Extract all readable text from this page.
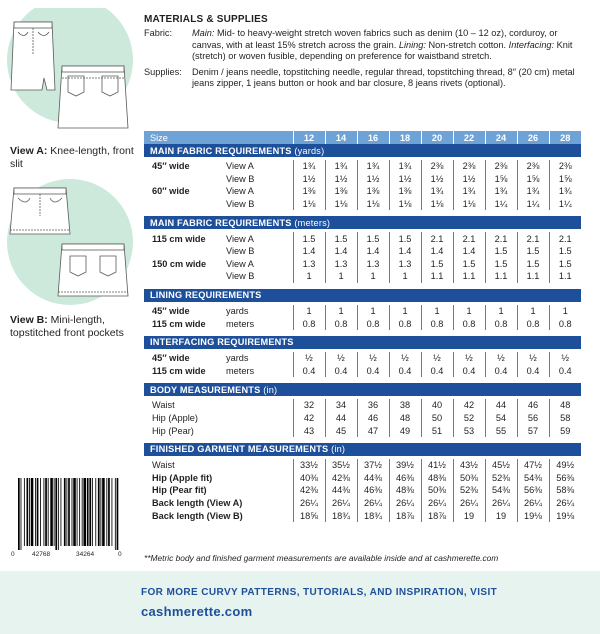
View A: Knee-length, front slit
View B: Mini-length, topstitched front pockets
0	42768	34264	0
MATERIALS & SUPPLIES
Fabric:	Main: Mid- to heavy-weight stretch woven fabrics such as denim (10 – 12 oz), corduroy, or canvas, with at least 15% stretch across the grain. Lining: Non-stretch cotton. Interfacing: Knit (stretch) or woven fusible, depending on preference for waistband stretch.
Supplies:	Denim / jeans needle, topstitching needle, regular thread, topstitching thread, 8″ (20 cm) metal jeans zipper, 1 jeans button or hook and bar closure, 8 jeans rivets (optional).
Size		12	14	16	18	20	22	24	26	28
MAIN FABRIC REQUIREMENTS (yards)										

45″ wide	View A	1¾	1¾	1¾	1¾	2⅜	2⅜	2⅜	2⅜	2⅜
	View B	1½	1½	1½	1½	1½	1½	1⅝	1⅝	1⅝
60″ wide	View A	1⅜	1⅜	1⅜	1⅜	1¾	1¾	1¾	1¾	1¾
	View B	1⅛	1⅛	1⅛	1⅛	1⅛	1⅛	1¼	1¼	1¼

MAIN FABRIC REQUIREMENTS (meters)										

115 cm wide	View A	1.5	1.5	1.5	1.5	2.1	2.1	2.1	2.1	2.1
	View B	1.4	1.4	1.4	1.4	1.4	1.4	1.5	1.5	1.5
150 cm wide	View A	1.3	1.3	1.3	1.3	1.5	1.5	1.5	1.5	1.5
	View B	1	1	1	1	1.1	1.1	1.1	1.1	1.1

LINING REQUIREMENTS										

45″ wide	yards	1	1	1	1	1	1	1	1	1
115 cm wide	meters	0.8	0.8	0.8	0.8	0.8	0.8	0.8	0.8	0.8

INTERFACING REQUIREMENTS										

45″ wide	yards	½	½	½	½	½	½	½	½	½
115 cm wide	meters	0.4	0.4	0.4	0.4	0.4	0.4	0.4	0.4	0.4

BODY MEASUREMENTS (in)										

Waist		32	34	36	38	40	42	44	46	48
Hip (Apple)		42	44	46	48	50	52	54	56	58
Hip (Pear)		43	45	47	49	51	53	55	57	59

FINISHED GARMENT MEASUREMENTS (in)										

Waist		33½	35½	37½	39½	41½	43½	45½	47½	49½
Hip (Apple fit)		40⅜	42⅜	44⅜	46⅜	48⅜	50⅜	52⅜	54⅜	56⅜
Hip (Pear fit)		42⅜	44⅜	46⅜	48⅜	50⅜	52⅜	54⅜	56⅜	58⅜
Back length (View A)		26¼	26¼	26¼	26¼	26¼	26¼	26¼	26¼	26¼
Back length (View B)		18⅝	18¾	18¾	18⅞	18⅞	19	19	19⅛	19⅛
**Metric body and finished garment measurements are available inside and at cashmerette.com
FOR MORE CURVY PATTERNS, TUTORIALS, AND INSPIRATION, VISIT
cashmerette.com
